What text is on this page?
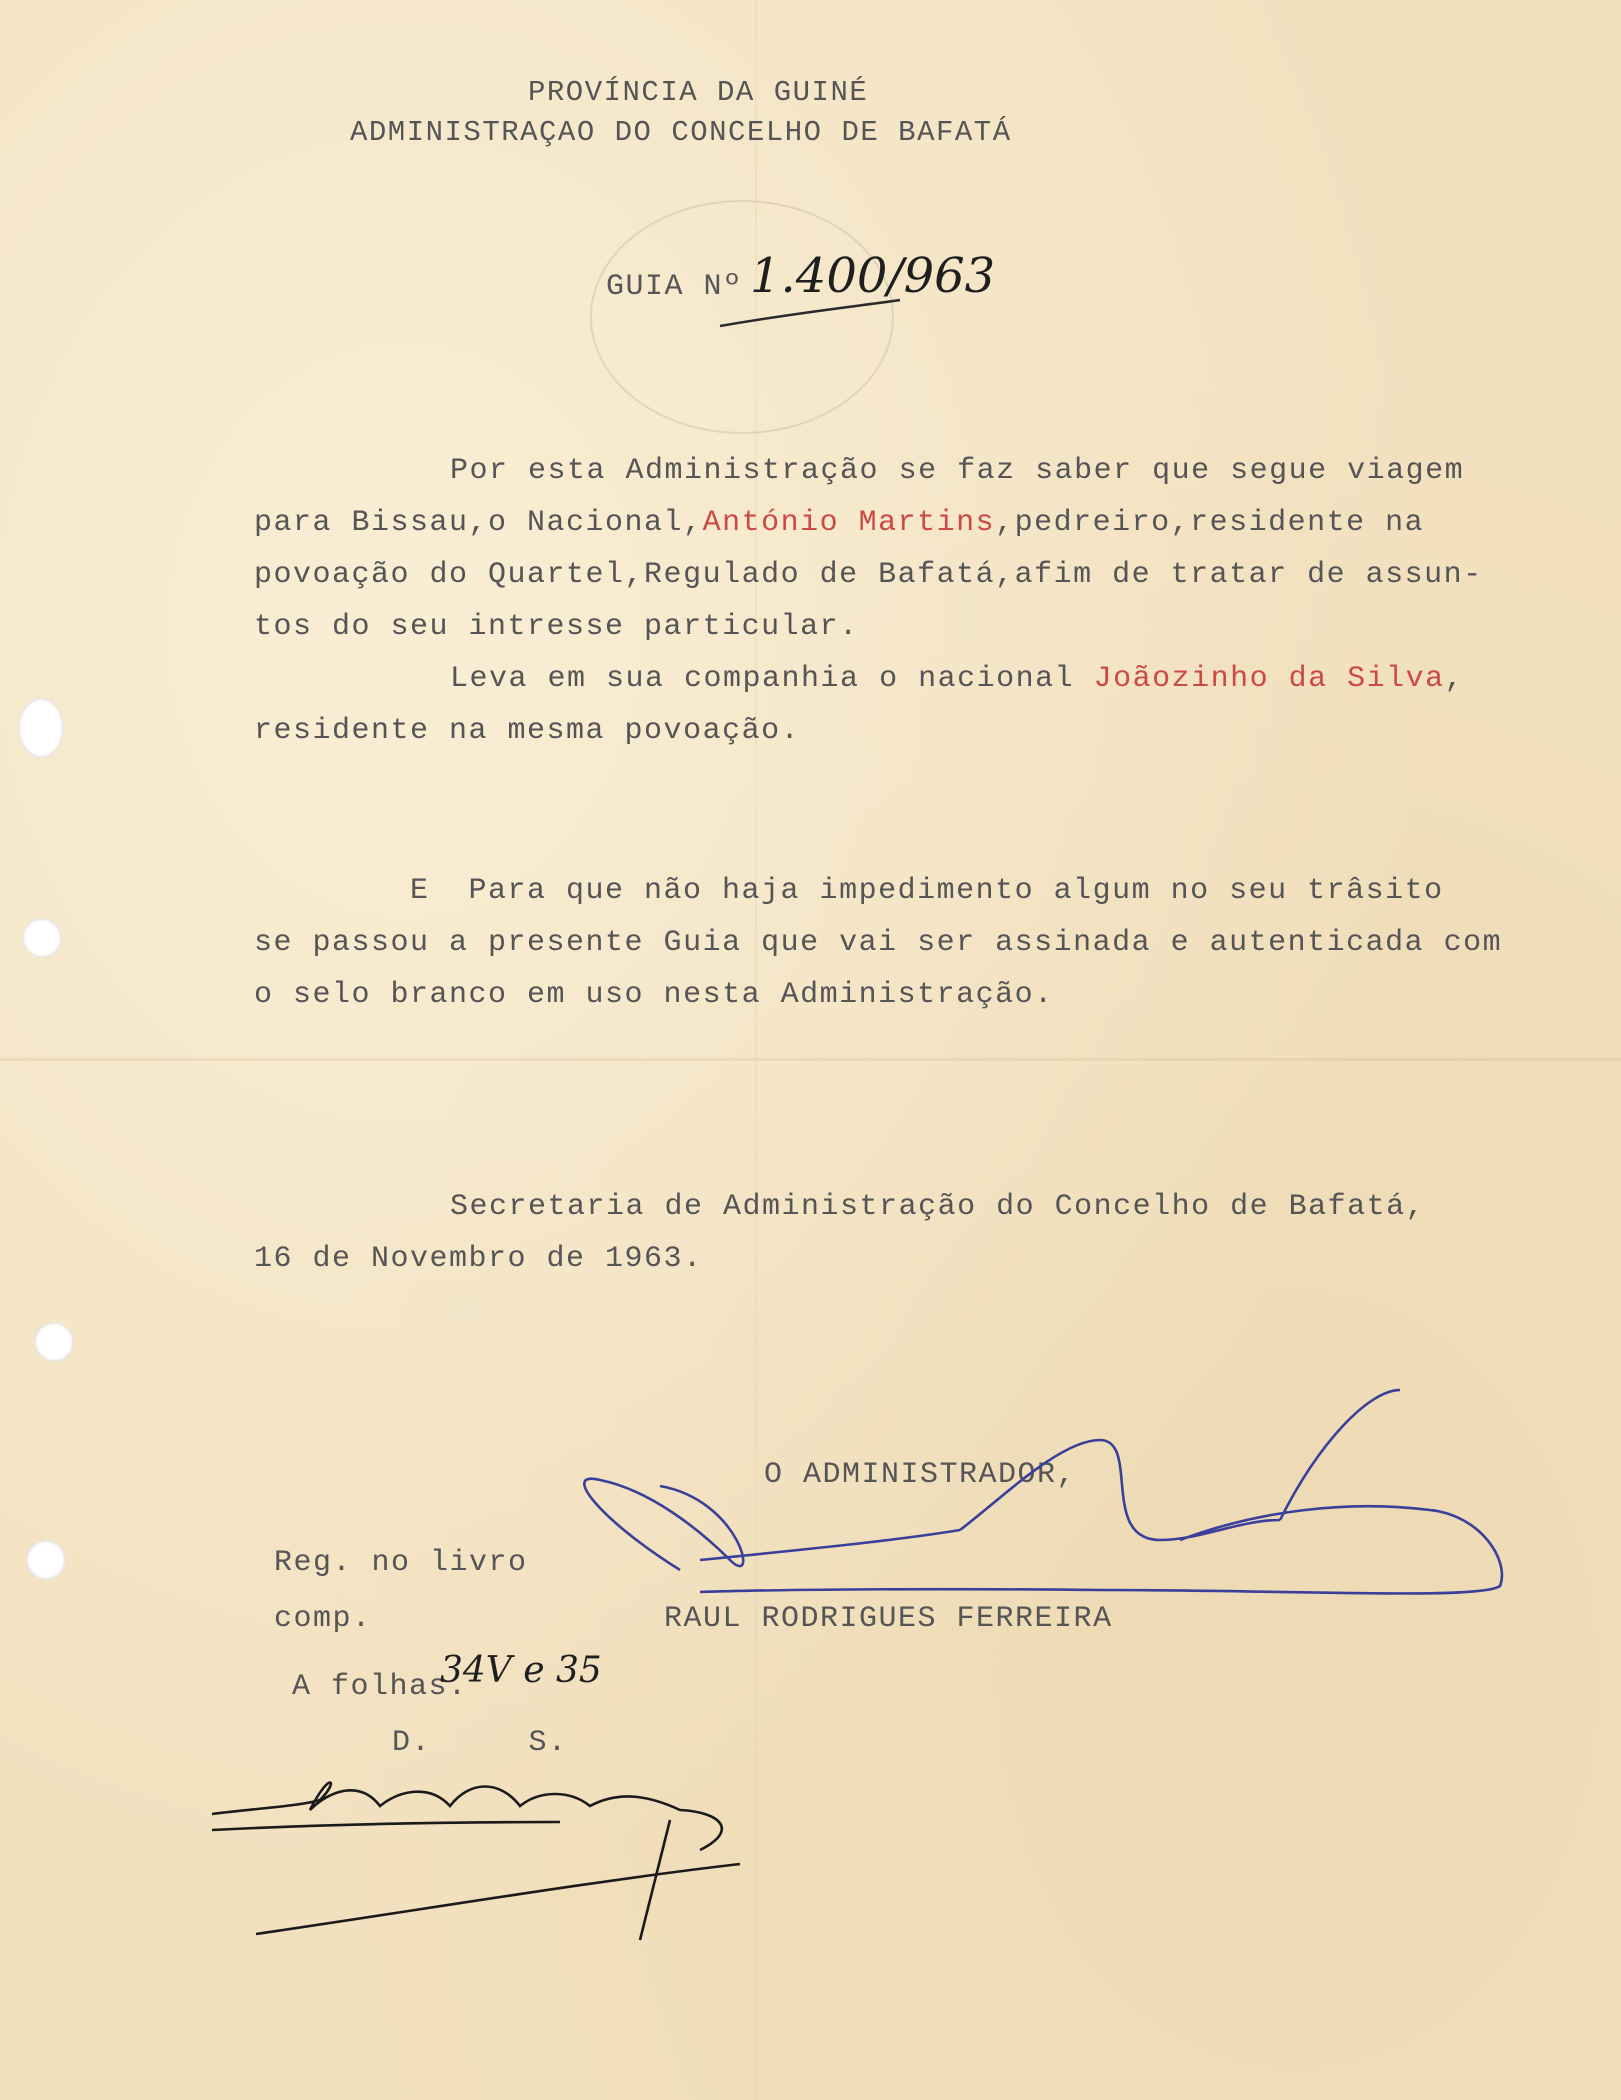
PROVÍNCIA DA GUINÉ
ADMINISTRAÇAO DO CONCELHO DE BAFATÁ
GUIA Nº 1.400/963
Por esta Administração se faz saber que segue viagem
para Bissau,o Nacional,António Martins,pedreiro,residente na
povoação do Quartel,Regulado de Bafatá,afim de tratar de assun-
tos do seu intresse particular.
Leva em sua companhia o nacional Joãozinho da Silva,
residente na mesma povoação.
E  Para que não haja impedimento algum no seu trâsito
se passou a presente Guia que vai ser assinada e autenticada com
o selo branco em uso nesta Administração.
Secretaria de Administração do Concelho de Bafatá,
16 de Novembro de 1963.
O ADMINISTRADOR,
RAUL RODRIGUES FERREIRA
Reg. no livro
comp.
A folhas.
34V e 35
D.     S.
